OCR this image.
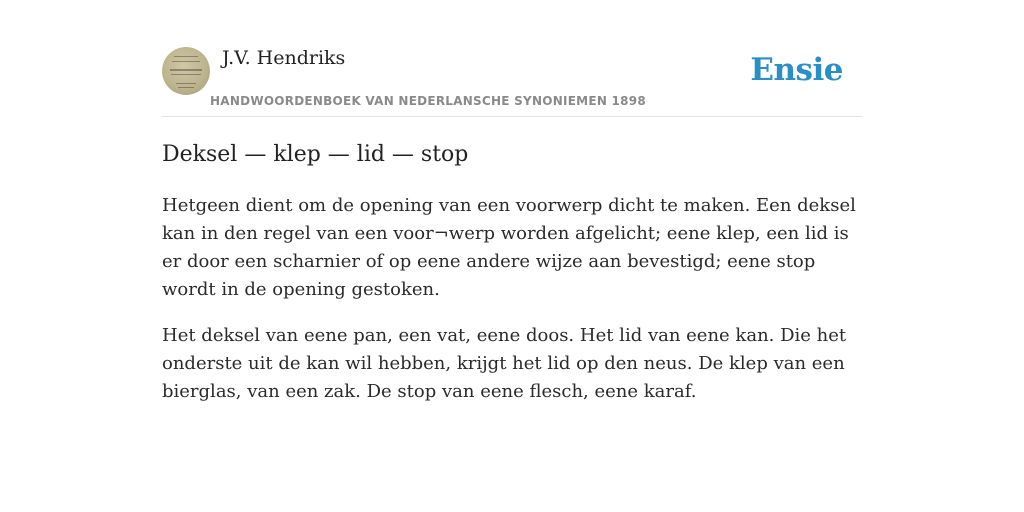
J.V. Hendriks
HANDWOORDENBOEK VAN NEDERLANSCHE SYNONIEMEN 1898
Ensie
Deksel — klep — lid — stop

Hetgeen dient om de opening van een voorwerp dicht te maken. Een deksel kan in den regel van een voor¬werp worden afgelicht; eene klep, een lid is er door een scharnier of op eene andere wijze aan bevestigd; eene stop wordt in de opening gestoken.

Het deksel van eene pan, een vat, eene doos. Het lid van eene kan. Die het onderste uit de kan wil hebben, krijgt het lid op den neus. De klep van een bierglas, van een zak. De stop van eene flesch, eene karaf.
